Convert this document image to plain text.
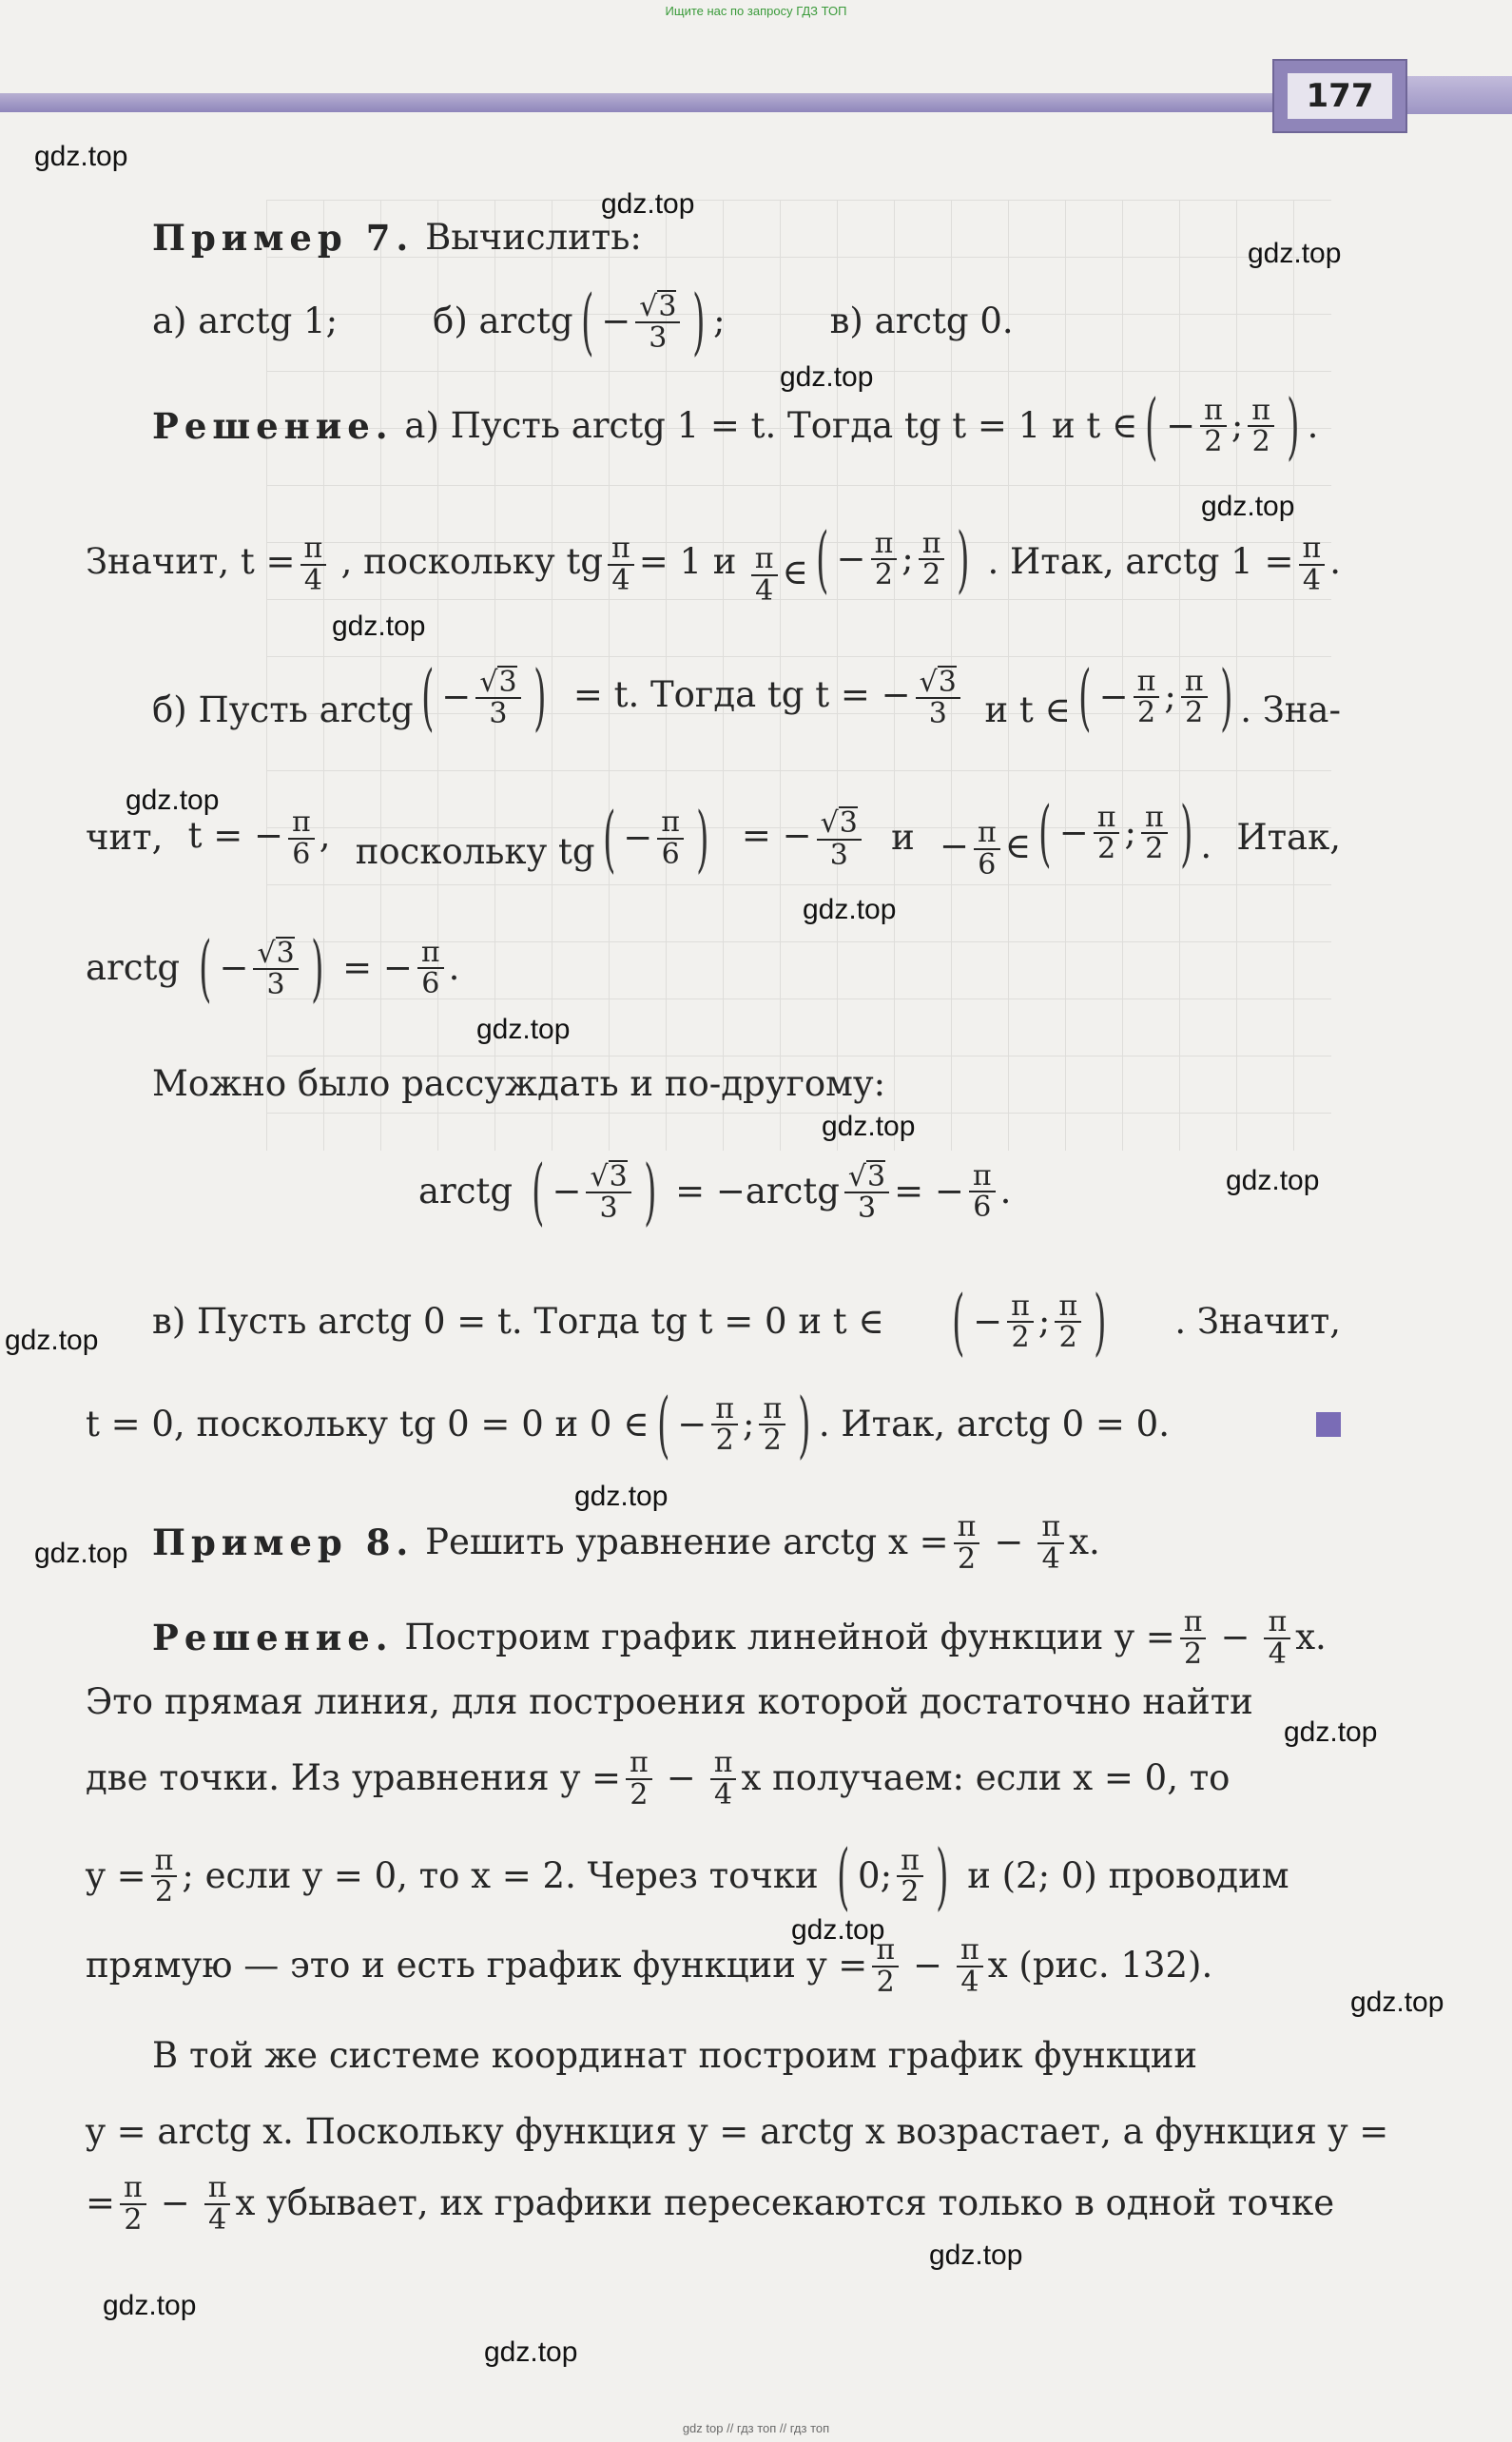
Ищите нас по запросу ГДЗ ТОП
177
Пример 7.
Вычислить:
а) arctg 1;	б) arctg ( − $\frac{√3}{3}$ ) ;	в) arctg 0.
Решение.
а) Пусть arctg 1 = t. Тогда tg t = 1 и t ∈ ( − $\frac{\pi}{2}$ ; $\frac{\pi}{2}$ ) .
Значит, $t = \frac{\pi}{4}$ , поскольку tg $\frac{\pi}{4} = 1$ и $\frac{\pi}{4}$ ∈ ( − $\frac{\pi}{2}$ ; $\frac{\pi}{2}$ ) . Итак, arctg $1 = \frac{\pi}{4}$ .
б) Пусть arctg ( − $\frac{√3}{3}$ ) = t. Тогда tg t = − $\frac{√3}{3}$ и t ∈ ( − $\frac{\pi}{2}$ ; $\frac{\pi}{2}$ ) . Зна-
чит, t = − $\frac{\pi}{6}$ , поскольку tg ( − $\frac{\pi}{6}$ ) = − $\frac{√3}{3}$ $и - \frac{\pi}{6}$ ∈ ( − $\frac{\pi}{2}$ ; $\frac{\pi}{2}$ ) . Итак,
arctg
( − $\frac{√3}{3}$ )
= − $\frac{\pi}{6}$ .
Можно было рассуждать и по-другому:
arctg
( − $\frac{√3}{3}$ )
= −arctg $\frac{√3}{3}$ = − $\frac{\pi}{6}$ .
в) Пусть arctg 0 = t. Тогда tg t = 0 и t ∈ ( − $\frac{\pi}{2}$ ; $\frac{\pi}{2}$ ) . Значит,
t = 0, поскольку tg 0 = 0 и 0 ∈ ( − $\frac{\pi}{2}$ ; $\frac{\pi}{2}$ ) . Итак, arctg 0 = 0.
Пример 8.
Решить уравнение arctg $x = \frac{\pi}{2} - \frac{\pi}{4} x$.
Решение.
Построим график линейной функции $y = \frac{\pi}{2} - \frac{\pi}{4} x$.
Это прямая линия, для построения которой достаточно найти
две точки. Из уравнения $y = \frac{\pi}{2} - \frac{\pi}{4}$ x получаем: если x = 0, то
$y = \frac{\pi}{2}$ ; если y = 0, то x = 2. Через точки
( 0; $\frac{\pi}{2}$ )
и (2; 0) проводим
прямую — это и есть график функции $y = \frac{\pi}{2} - \frac{\pi}{4}$ x (рис. 132).
В той же системе координат построим график функции
y = arctg x. Поскольку функция y = arctg x возрастает, а функция y =
= $\frac{\pi}{2} - \frac{\pi}{4}$ x убывает, их графики пересекаются только в одной точке
gdz.top
gdz.top
gdz.top
gdz.top
gdz.top
gdz.top
gdz.top
gdz.top
gdz.top
gdz.top
gdz.top
gdz.top
gdz.top
gdz.top
gdz.top
gdz.top
gdz.top
gdz.top
gdz.top
gdz.top
gdz top // гдз топ // гдз топ
